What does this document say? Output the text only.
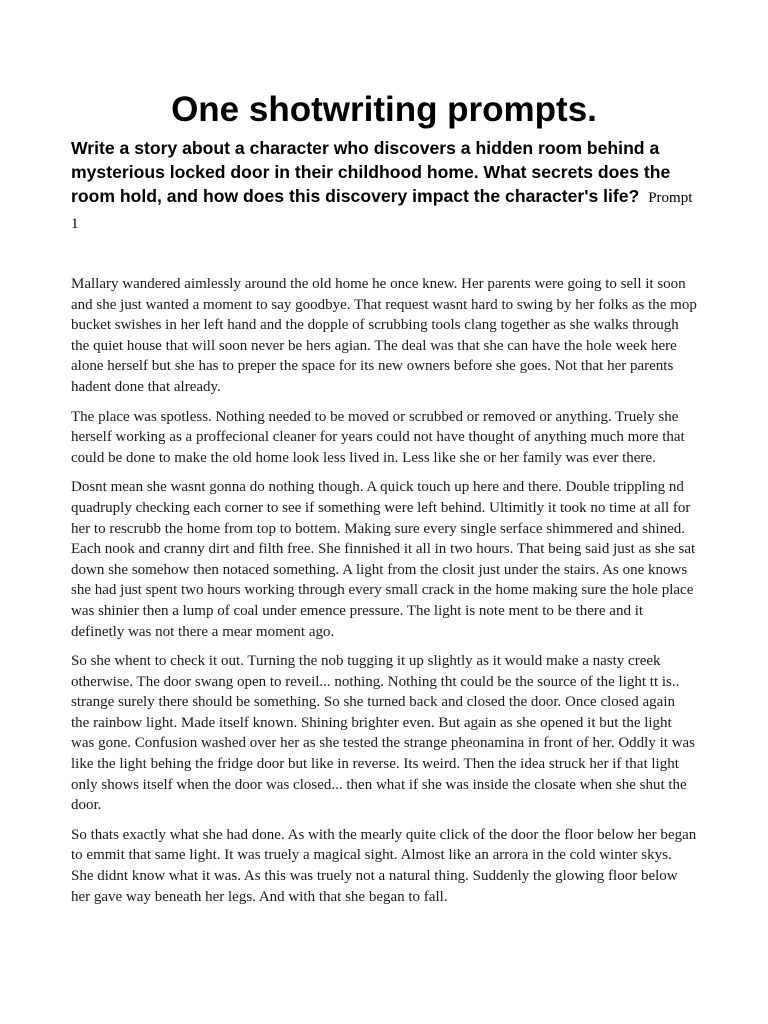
One shotwriting prompts.

Write a story about a character who discovers a hidden room behind a mysterious locked door in their childhood home. What secrets does the room hold, and how does this discovery impact the character's life? Prompt 1

Mallary wandered aimlessly around the old home he once knew. Her parents were going to sell it soon and she just wanted a moment to say goodbye. That request wasnt hard to swing by her folks as the mop bucket swishes in her left hand and the dopple of scrubbing tools clang together as she walks through the quiet house that will soon never be hers agian. The deal was that she can have the hole week here alone herself but she has to preper the space for its new owners before she goes. Not that her parents hadent done that already.

The place was spotless. Nothing needed to be moved or scrubbed or removed or anything. Truely she herself working as a proffecional cleaner for years could not have thought of anything much more that could be done to make the old home look less lived in. Less like she or her family was ever there.

Dosnt mean she wasnt gonna do nothing though. A quick touch up here and there. Double trippling nd quadruply checking each corner to see if something were left behind. Ultimitly it took no time at all for her to rescrubb the home from top to bottem. Making sure every single serface shimmered and shined. Each nook and cranny dirt and filth free. She finnished it all in two hours. That being said just as she sat down she somehow then notaced something. A light from the closit just under the stairs. As one knows she had just spent two hours working through every small crack in the home making sure the hole place was shinier then a lump of coal under emence pressure. The light is note ment to be there and it definetly was not there a mear moment ago.

So she whent to check it out. Turning the nob tugging it up slightly as it would make a nasty creek otherwise. The door swang open to reveil... nothing. Nothing tht could be the source of the light tt is.. strange surely there should be something. So she turned back and closed the door. Once closed again the rainbow light. Made itself known. Shining brighter even. But again as she opened it but the light was gone. Confusion washed over her as she tested the strange pheonamina in front of her. Oddly it was like the light behing the fridge door but like in reverse. Its weird. Then the idea struck her if that light only shows itself when the door was closed... then what if she was inside the closate when she shut the door.

So thats exactly what she had done. As with the mearly quite click of the door the floor below her began to emmit that same light. It was truely a magical sight. Almost like an arrora in the cold winter skys. She didnt know what it was. As this was truely not a natural thing. Suddenly the glowing floor below her gave way beneath her legs. And with that she began to fall.
